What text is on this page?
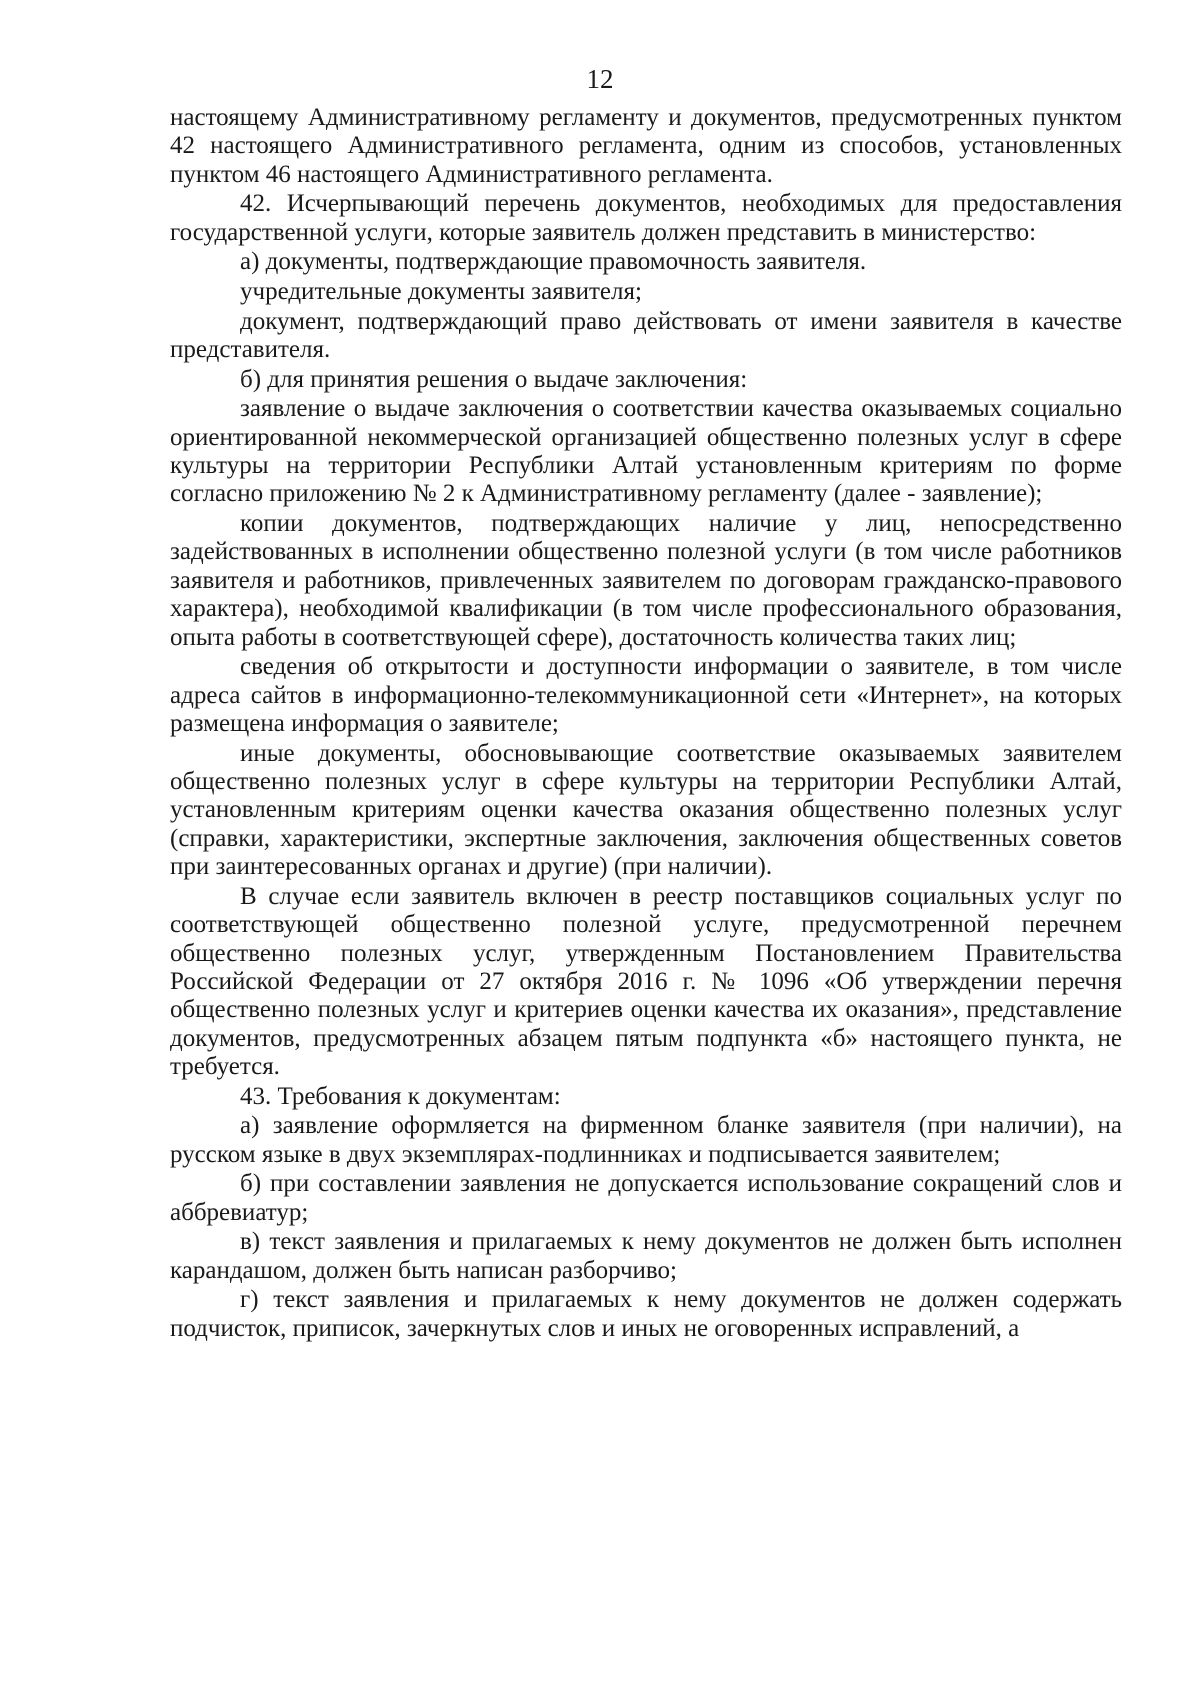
12

настоящему Административному регламенту и документов, предусмотренных пунктом 42 настоящего Административного регламента, одним из способов, установленных пунктом 46 настоящего Административного регламента.

42. Исчерпывающий перечень документов, необходимых для предоставления государственной услуги, которые заявитель должен представить в министерство:

а) документы, подтверждающие правомочность заявителя.

учредительные документы заявителя;

документ, подтверждающий право действовать от имени заявителя в качестве представителя.

б) для принятия решения о выдаче заключения:

заявление о выдаче заключения о соответствии качества оказываемых социально ориентированной некоммерческой организацией общественно полезных услуг в сфере культуры на территории Республики Алтай установленным критериям по форме согласно приложению № 2 к Административному регламенту (далее - заявление);

копии документов, подтверждающих наличие у лиц, непосредственно задействованных в исполнении общественно полезной услуги (в том числе работников заявителя и работников, привлеченных заявителем по договорам гражданско-правового характера), необходимой квалификации (в том числе профессионального образования, опыта работы в соответствующей сфере), достаточность количества таких лиц;

сведения об открытости и доступности информации о заявителе, в том числе адреса сайтов в информационно-телекоммуникационной сети «Интернет», на которых размещена информация о заявителе;

иные документы, обосновывающие соответствие оказываемых заявителем общественно полезных услуг в сфере культуры на территории Республики Алтай, установленным критериям оценки качества оказания общественно полезных услуг (справки, характеристики, экспертные заключения, заключения общественных советов при заинтересованных органах и другие) (при наличии).

В случае если заявитель включен в реестр поставщиков социальных услуг по соответствующей общественно полезной услуге, предусмотренной перечнем общественно полезных услуг, утвержденным Постановлением Правительства Российской Федерации от 27 октября 2016 г. № 1096 «Об утверждении перечня общественно полезных услуг и критериев оценки качества их оказания», представление документов, предусмотренных абзацем пятым подпункта «б» настоящего пункта, не требуется.

43. Требования к документам:

а) заявление оформляется на фирменном бланке заявителя (при наличии), на русском языке в двух экземплярах-подлинниках и подписывается заявителем;

б) при составлении заявления не допускается использование сокращений слов и аббревиатур;

в) текст заявления и прилагаемых к нему документов не должен быть исполнен карандашом, должен быть написан разборчиво;

г) текст заявления и прилагаемых к нему документов не должен содержать подчисток, приписок, зачеркнутых слов и иных не оговоренных исправлений, а
